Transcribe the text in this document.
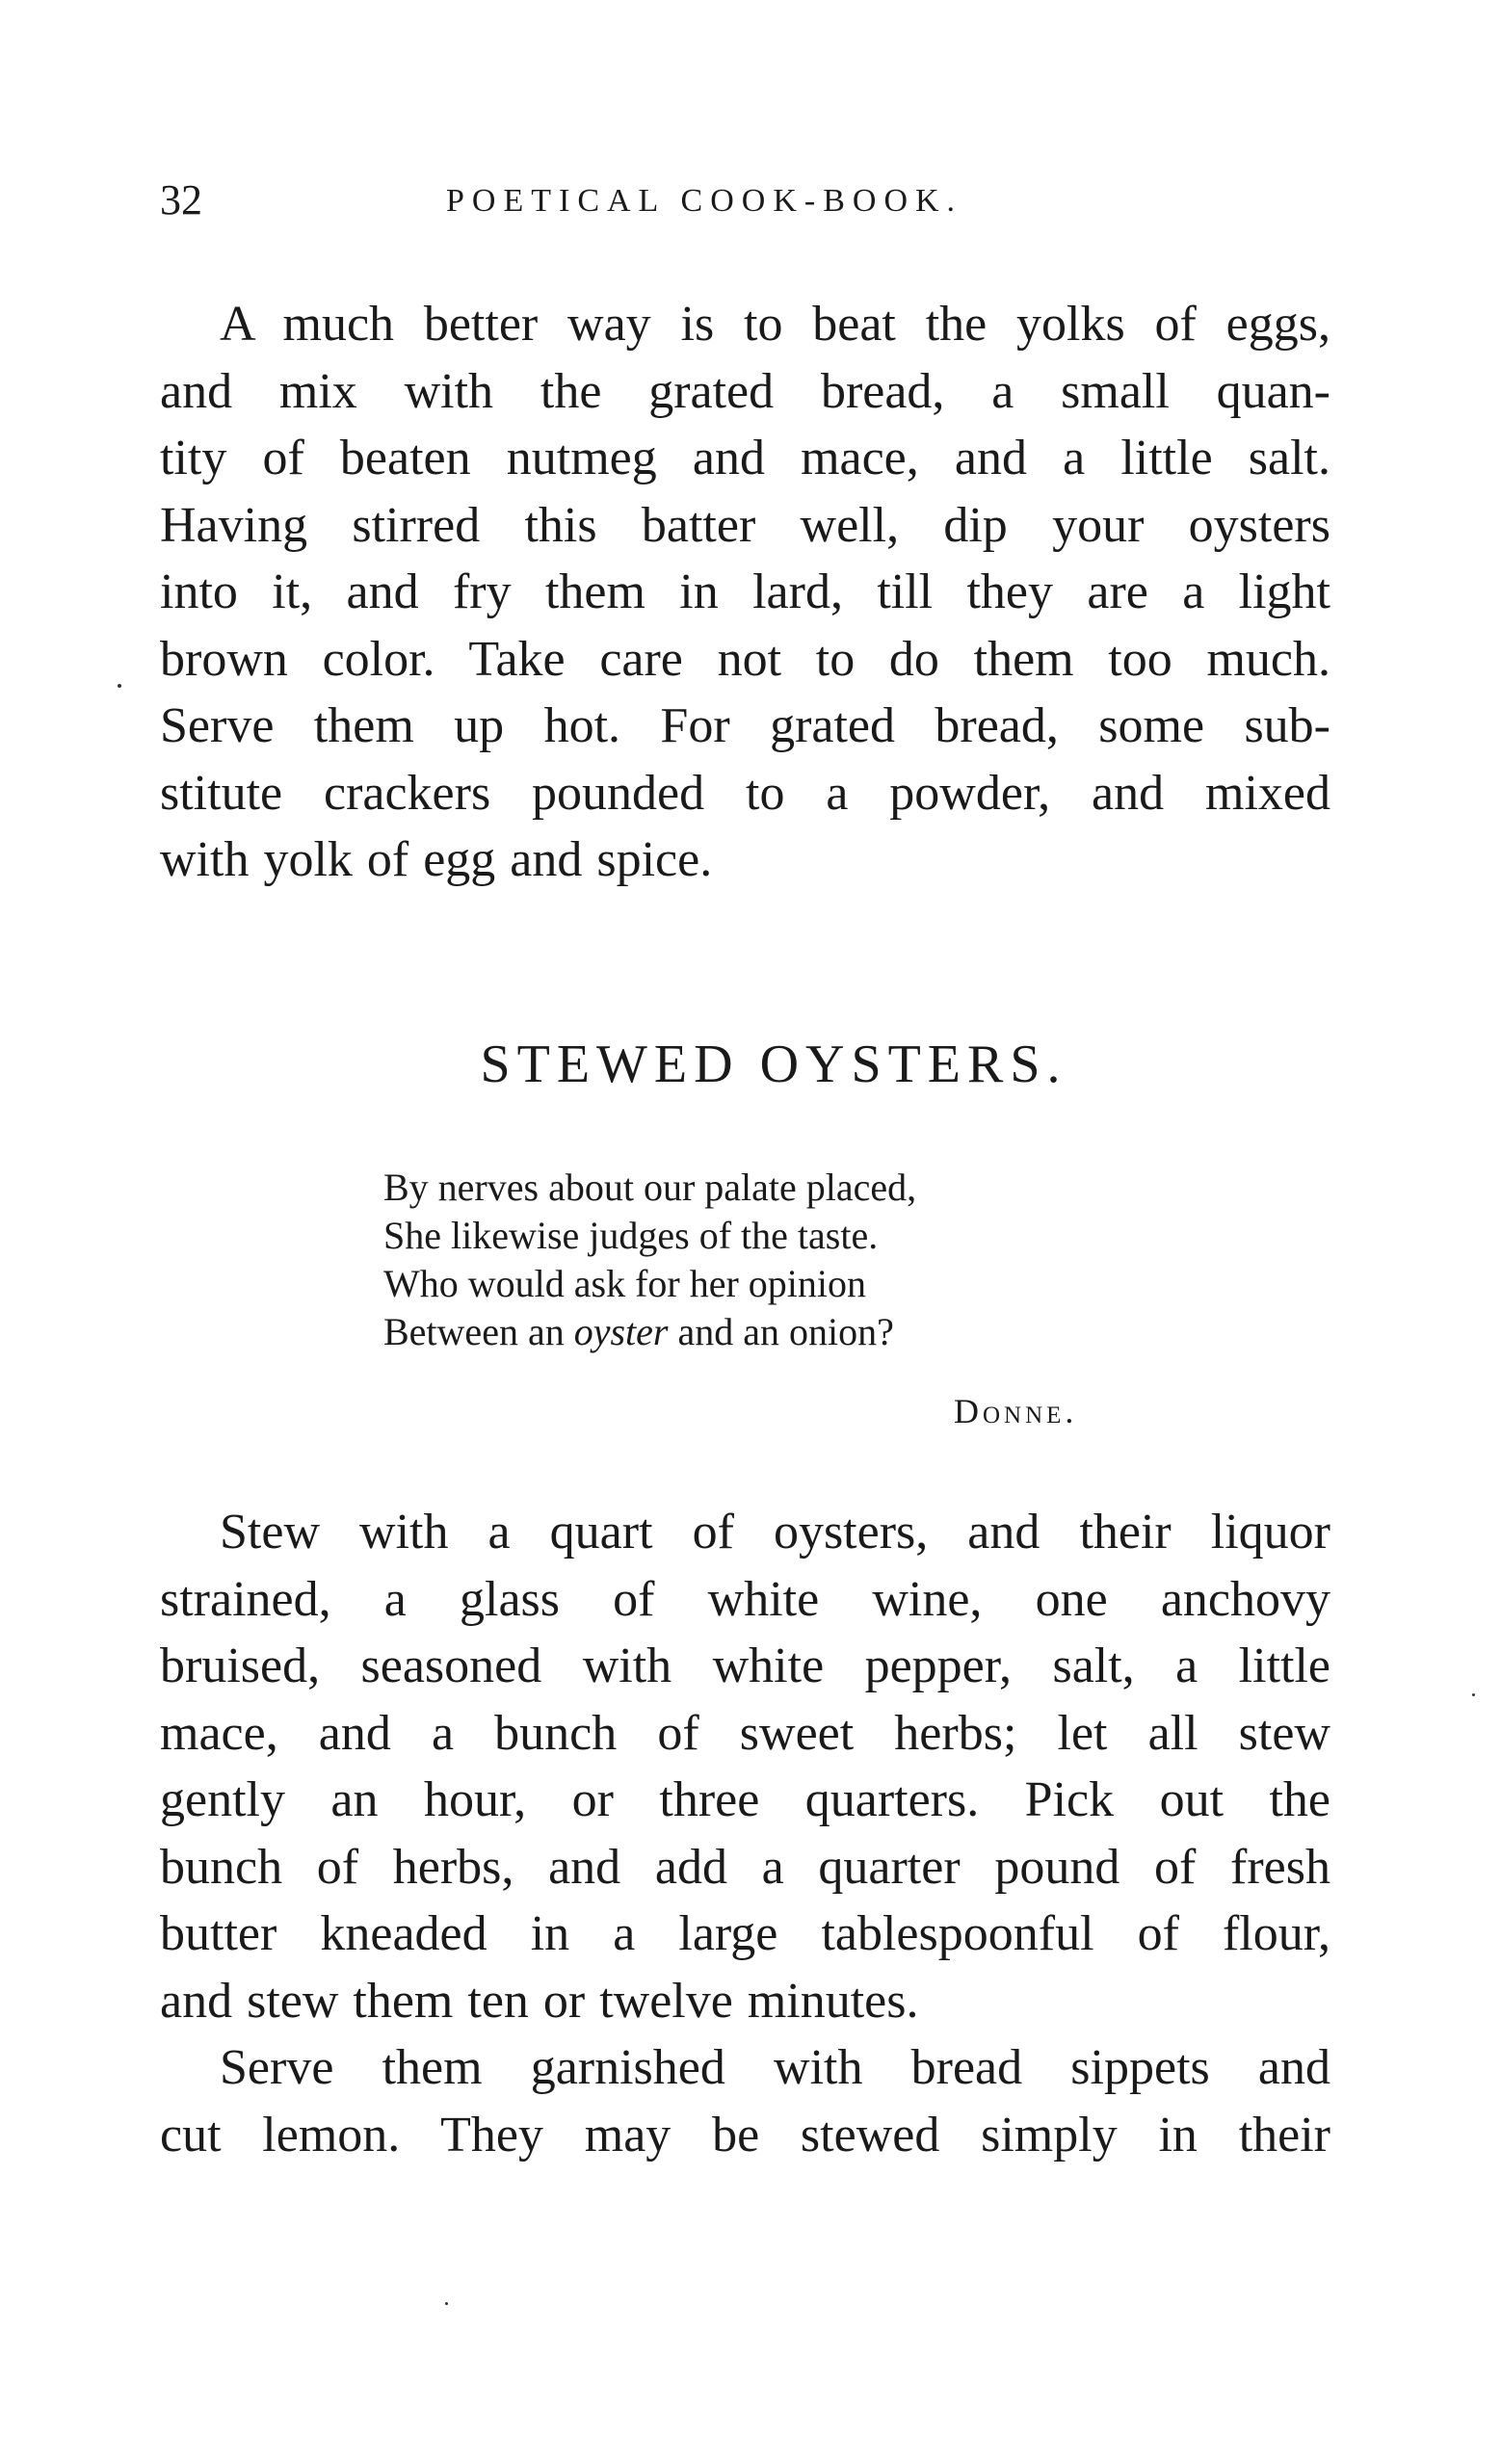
32	POETICAL COOK-BOOK.

A much better way is to beat the yolks of eggs,
and mix with the grated bread, a small quan-
tity of beaten nutmeg and mace, and a little salt.
Having stirred this batter well, dip your oysters
into it, and fry them in lard, till they are a light
brown color. Take care not to do them too much.
Serve them up hot. For grated bread, some sub-
stitute crackers pounded to a powder, and mixed
with yolk of egg and spice.

STEWED OYSTERS.
By nerves about our palate placed,
She likewise judges of the taste.
Who would ask for her opinion
Between an oyster and an onion?
Donne.

Stew with a quart of oysters, and their liquor
strained, a glass of white wine, one anchovy
bruised, seasoned with white pepper, salt, a little
mace, and a bunch of sweet herbs; let all stew
gently an hour, or three quarters. Pick out the
bunch of herbs, and add a quarter pound of fresh
butter kneaded in a large tablespoonful of flour,
and stew them ten or twelve minutes.

Serve them garnished with bread sippets and
cut lemon. They may be stewed simply in their
